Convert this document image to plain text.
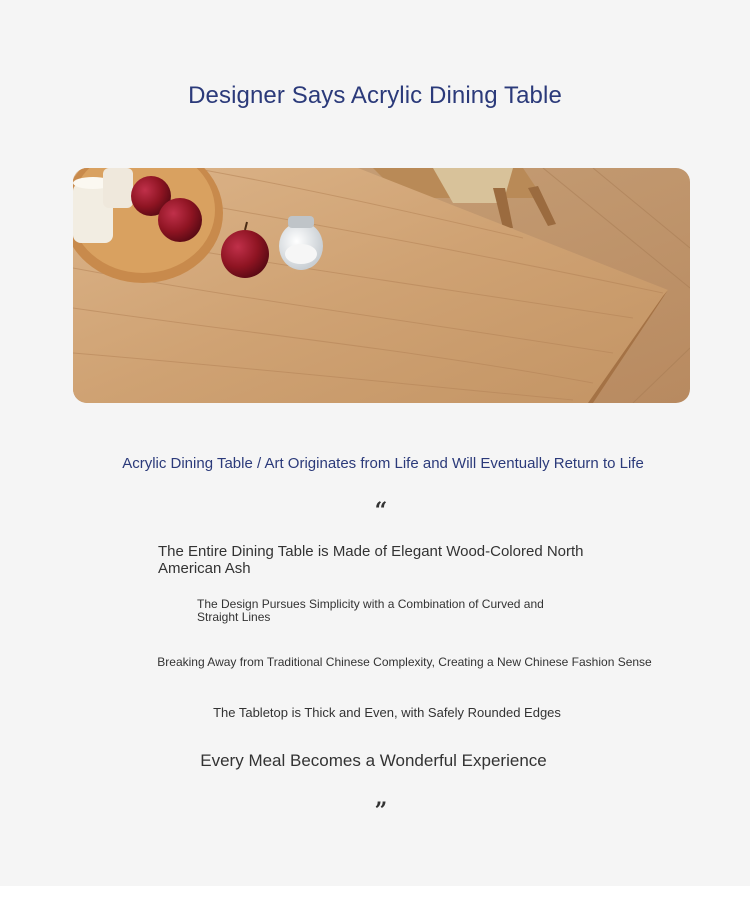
Designer Says Acrylic Dining Table
Acrylic Dining Table / Art Originates from Life and Will Eventually Return to Life
“
The Entire Dining Table is Made of Elegant Wood-Colored North American Ash
The Design Pursues Simplicity with a Combination of Curved and Straight Lines
Breaking Away from Traditional Chinese Complexity, Creating a New Chinese Fashion Sense
The Tabletop is Thick and Even, with Safely Rounded Edges
Every Meal Becomes a Wonderful Experience
”
